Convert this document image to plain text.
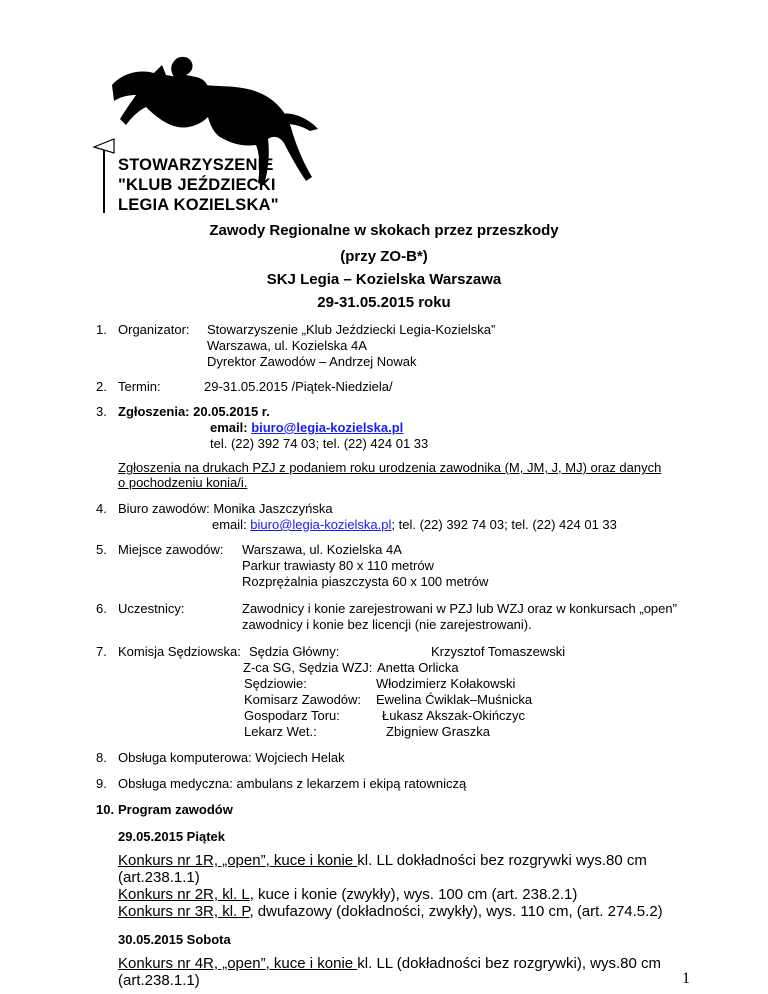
STOWARZYSZENIE
"KLUB JEŹDZIECKI
LEGIA KOZIELSKA"
Zawody Regionalne w skokach przez przeszkody
(przy ZO-B*)
SKJ Legia – Kozielska Warszawa
29-31.05.2015 roku
1. Organizator: Stowarzyszenie „Klub Jeździecki Legia-Kozielska”
Warszawa, ul. Kozielska 4A
Dyrektor Zawodów – Andrzej Nowak
2. Termin:	29-31.05.2015 /Piątek-Niedziela/
3. Zgłoszenia: 20.05.2015 r.
email: biuro@legia-kozielska.pl
tel. (22) 392 74 03; tel. (22) 424 01 33
Zgłoszenia na drukach PZJ z podaniem roku urodzenia zawodnika (M, JM, J, MJ) oraz danych
o pochodzeniu konia/i.
4. Biuro zawodów: Monika Jaszczyńska
email: biuro@legia-kozielska.pl; tel. (22) 392 74 03; tel. (22) 424 01 33
5. Miejsce zawodów: Warszawa, ul. Kozielska 4A
Parkur trawiasty 80 x 110 metrów
Rozprężalnia piaszczysta 60 x 100 metrów
6. Uczestnicy:	Zawodnicy i konie zarejestrowani w PZJ lub WZJ oraz w konkursach „open”
zawodnicy i konie bez licencji (nie zarejestrowani).
7. Komisja Sędziowska: Sędzia Główny:	Krzysztof Tomaszewski
Z-ca SG, Sędzia WZJ: Anetta Orlicka
Sędziowie:	Włodzimierz Kołakowski
Komisarz Zawodów: Ewelina Ćwiklak–Muśnicka
Gospodarz Toru:	Łukasz Akszak-Okińczyc
Lekarz Wet.:	Zbigniew Graszka
8. Obsługa komputerowa: Wojciech Helak
9. Obsługa medyczna: ambulans z lekarzem i ekipą ratowniczą
10. Program zawodów
29.05.2015 Piątek
Konkurs nr 1R, „open”, kuce i konie kl. LL dokładności bez rozgrywki wys.80 cm
(art.238.1.1)
Konkurs nr 2R, kl. L, kuce i konie (zwykły), wys. 100 cm (art. 238.2.1)
Konkurs nr 3R, kl. P, dwufazowy (dokładności, zwykły), wys. 110 cm, (art. 274.5.2)
30.05.2015 Sobota
Konkurs nr 4R, „open”, kuce i konie kl. LL (dokładności bez rozgrywki), wys.80 cm
(art.238.1.1)	1
